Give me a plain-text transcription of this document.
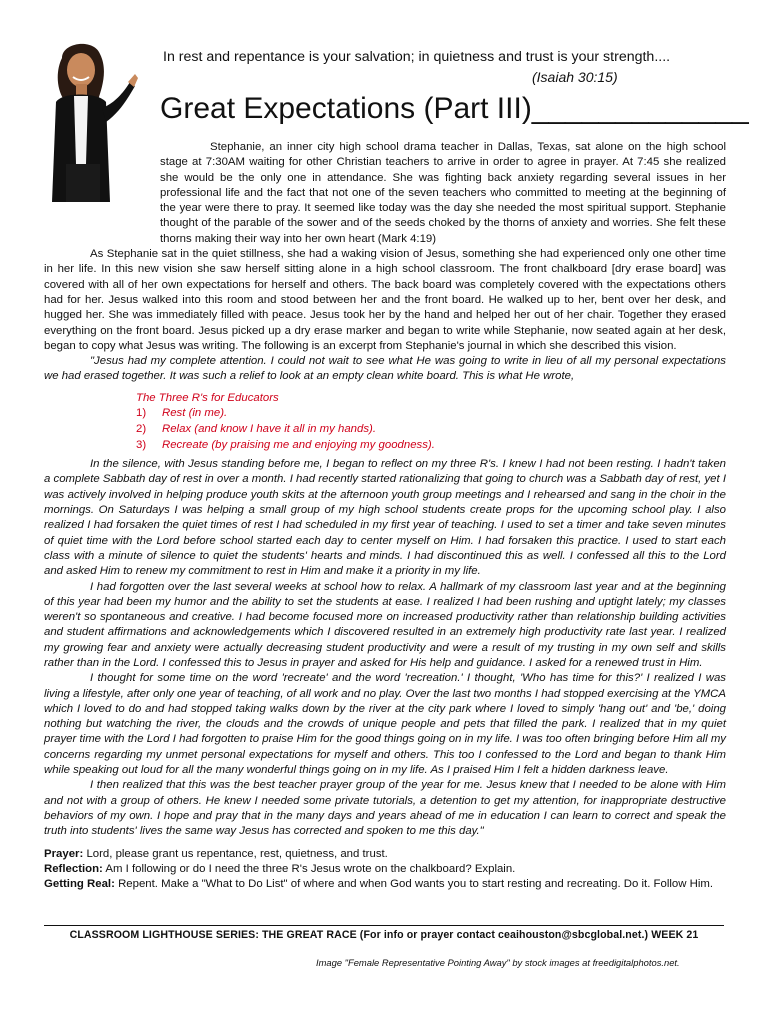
In rest and repentance is your salvation; in quietness and trust is your strength....
(Isaiah 30:15)
Great Expectations (Part III)_____________

Stephanie, an inner city high school drama teacher in Dallas, Texas, sat alone on the high school stage at 7:30AM waiting for other Christian teachers to arrive in order to agree in prayer. At 7:45 she realized she would be the only one in attendance. She was fighting back anxiety regarding several issues in her professional life and the fact that not one of the seven teachers who committed to meeting at the beginning of the year were there to pray. It seemed like today was the day she needed the most spiritual support. Stephanie thought of the parable of the sower and of the seeds choked by the thorns of anxiety and worries. She felt these thorns making their way into her own heart (Mark 4:19)

As Stephanie sat in the quiet stillness, she had a waking vision of Jesus, something she had experienced only one other time in her life. In this new vision she saw herself sitting alone in a high school classroom. The front chalkboard [dry erase board] was covered with all of her own expectations for herself and others. The back board was completely covered with the expectations others had for her. Jesus walked into this room and stood between her and the front board. He walked up to her, bent over her desk, and hugged her. She was immediately filled with peace. Jesus took her by the hand and helped her out of her chair. Together they erased everything on the front board. Jesus picked up a dry erase marker and began to write while Stephanie, now seated again at her desk, began to copy what Jesus was writing. The following is an excerpt from Stephanie's journal in which she described this vision.

"Jesus had my complete attention. I could not wait to see what He was going to write in lieu of all my personal expectations we had erased together. It was such a relief to look at an empty clean white board. This is what He wrote,

The Three R's for Educators
1) Rest (in me).
2) Relax (and know I have it all in my hands).
3) Recreate (by praising me and enjoying my goodness).

In the silence, with Jesus standing before me, I began to reflect on my three R's. I knew I had not been resting. I hadn't taken a complete Sabbath day of rest in over a month. I had recently started rationalizing that going to church was a Sabbath day of rest, yet I was actively involved in helping produce youth skits at the afternoon youth group meetings and I rehearsed and sang in the choir in the mornings. On Saturdays I was helping a small group of my high school students create props for the upcoming school play. I also realized I had forsaken the quiet times of rest I had scheduled in my first year of teaching. I used to set a timer and take seven minutes of quiet time with the Lord before school started each day to center myself on Him. I had forsaken this practice. I used to start each class with a minute of silence to quiet the students' hearts and minds. I had discontinued this as well. I confessed all this to the Lord and asked Him to renew my commitment to rest in Him and make it a priority in my life.

I had forgotten over the last several weeks at school how to relax. A hallmark of my classroom last year and at the beginning of this year had been my humor and the ability to set the students at ease. I realized I had been rushing and uptight lately; my classes weren't so spontaneous and creative. I had become focused more on increased productivity rather than relationship building activities and student affirmations and acknowledgements which I discovered resulted in an extremely high productivity rate last year. I realized my growing fear and anxiety were actually decreasing student productivity and were a result of my trusting in my own self and skills rather than in the Lord. I confessed this to Jesus in prayer and asked for His help and guidance. I asked for a renewed trust in Him.

I thought for some time on the word 'recreate' and the word 'recreation.' I thought, 'Who has time for this?' I realized I was living a lifestyle, after only one year of teaching, of all work and no play. Over the last two months I had stopped exercising at the YMCA which I loved to do and had stopped taking walks down by the river at the city park where I loved to simply 'hang out' and 'be,' doing nothing but watching the river, the clouds and the crowds of unique people and pets that filled the park. I realized that in my quiet prayer time with the Lord I had forgotten to praise Him for the good things going on in my life. I was too often bringing before Him all my concerns regarding my unmet personal expectations for myself and others. This too I confessed to the Lord and began to thank Him while speaking out loud for all the many wonderful things going on in my life. As I praised Him I felt a hidden darkness leave.

I then realized that this was the best teacher prayer group of the year for me. Jesus knew that I needed to be alone with Him and not with a group of others. He knew I needed some private tutorials, a detention to get my attention, for inappropriate destructive behaviors of my own. I hope and pray that in the many days and years ahead of me in education I can learn to correct and speak the truth into students' lives the same way Jesus has corrected and spoken to me this day."

Prayer: Lord, please grant us repentance, rest, quietness, and trust.
Reflection: Am I following or do I need the three R's Jesus wrote on the chalkboard? Explain.
Getting Real: Repent. Make a "What to Do List" of where and when God wants you to start resting and recreating. Do it. Follow Him.
CLASSROOM LIGHTHOUSE SERIES: THE GREAT RACE (For info or prayer contact ceaihouston@sbcglobal.net.) WEEK 21
Image "Female Representative Pointing Away" by stock images at freedigitalphotos.net.
